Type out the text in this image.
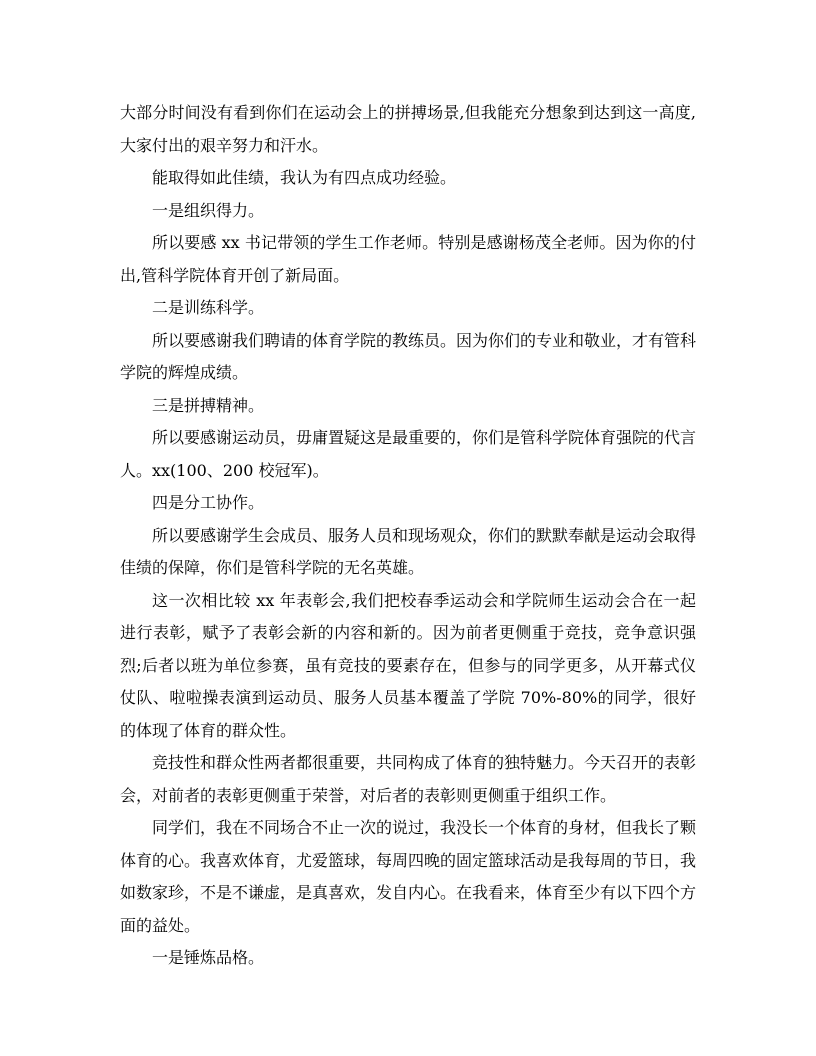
大部分时间没有看到你们在运动会上的拼搏场景,但我能充分想象到达到这一高度,大家付出的艰辛努力和汗水。

能取得如此佳绩，我认为有四点成功经验。

一是组织得力。

所以要感 xx 书记带领的学生工作老师。特别是感谢杨茂全老师。因为你的付出,管科学院体育开创了新局面。

二是训练科学。

所以要感谢我们聘请的体育学院的教练员。因为你们的专业和敬业，才有管科学院的辉煌成绩。

三是拼搏精神。

所以要感谢运动员，毋庸置疑这是最重要的，你们是管科学院体育强院的代言人。xx(100、200 校冠军)。

四是分工协作。

所以要感谢学生会成员、服务人员和现场观众，你们的默默奉献是运动会取得佳绩的保障，你们是管科学院的无名英雄。

这一次相比较 xx 年表彰会,我们把校春季运动会和学院师生运动会合在一起进行表彰，赋予了表彰会新的内容和新的。因为前者更侧重于竞技，竞争意识强烈;后者以班为单位参赛，虽有竞技的要素存在，但参与的同学更多，从开幕式仪仗队、啦啦操表演到运动员、服务人员基本覆盖了学院 70%-80%的同学，很好的体现了体育的群众性。

竞技性和群众性两者都很重要，共同构成了体育的独特魅力。今天召开的表彰会，对前者的表彰更侧重于荣誉，对后者的表彰则更侧重于组织工作。

同学们，我在不同场合不止一次的说过，我没长一个体育的身材，但我长了颗体育的心。我喜欢体育，尤爱篮球，每周四晚的固定篮球活动是我每周的节日，我如数家珍，不是不谦虚，是真喜欢，发自内心。在我看来，体育至少有以下四个方面的益处。

一是锤炼品格。
